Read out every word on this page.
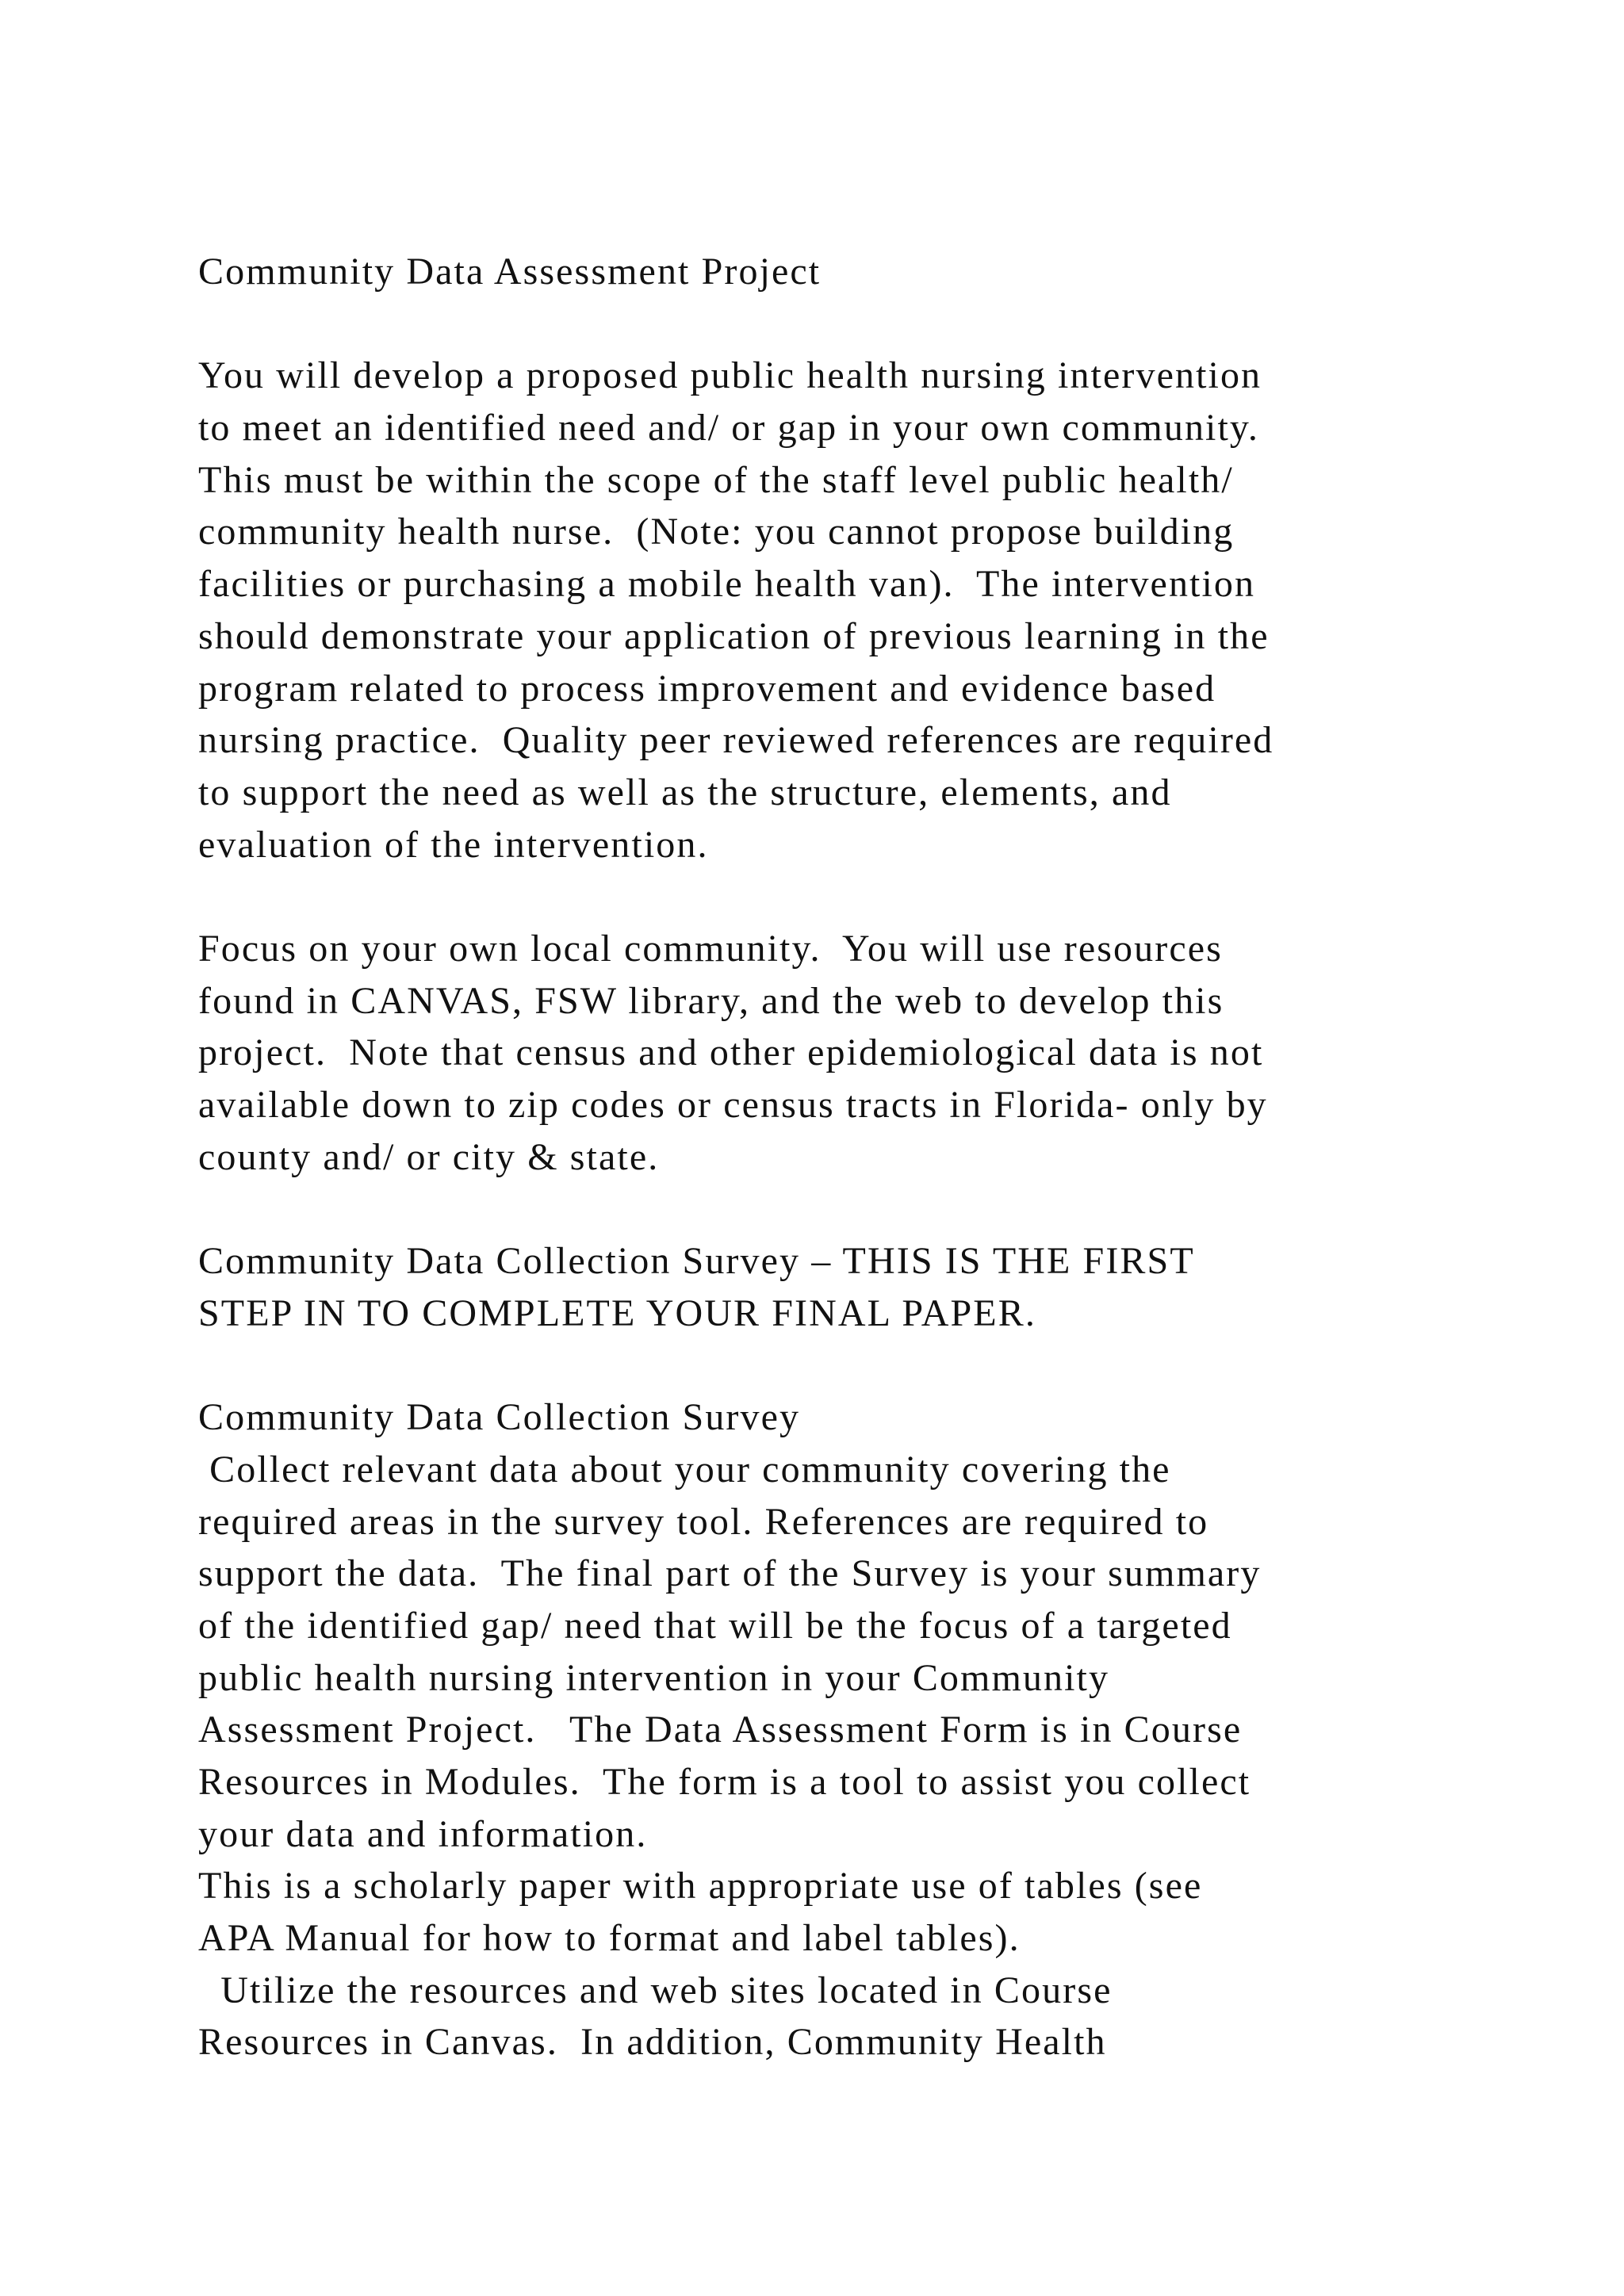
Community Data Assessment Project
You will develop a proposed public health nursing intervention
to meet an identified need and/ or gap in your own community.
This must be within the scope of the staff level public health/
community health nurse.  (Note: you cannot propose building
facilities or purchasing a mobile health van).  The intervention
should demonstrate your application of previous learning in the
program related to process improvement and evidence based
nursing practice.  Quality peer reviewed references are required
to support the need as well as the structure, elements, and
evaluation of the intervention.
Focus on your own local community.  You will use resources
found in CANVAS, FSW library, and the web to develop this
project.  Note that census and other epidemiological data is not
available down to zip codes or census tracts in Florida- only by
county and/ or city & state.
Community Data Collection Survey – THIS IS THE FIRST
STEP IN TO COMPLETE YOUR FINAL PAPER.
Community Data Collection Survey
Collect relevant data about your community covering the
required areas in the survey tool. References are required to
support the data.  The final part of the Survey is your summary
of the identified gap/ need that will be the focus of a targeted
public health nursing intervention in your Community
Assessment Project.   The Data Assessment Form is in Course
Resources in Modules.  The form is a tool to assist you collect
your data and information.
This is a scholarly paper with appropriate use of tables (see
APA Manual for how to format and label tables).
Utilize the resources and web sites located in Course
Resources in Canvas.  In addition, Community Health
